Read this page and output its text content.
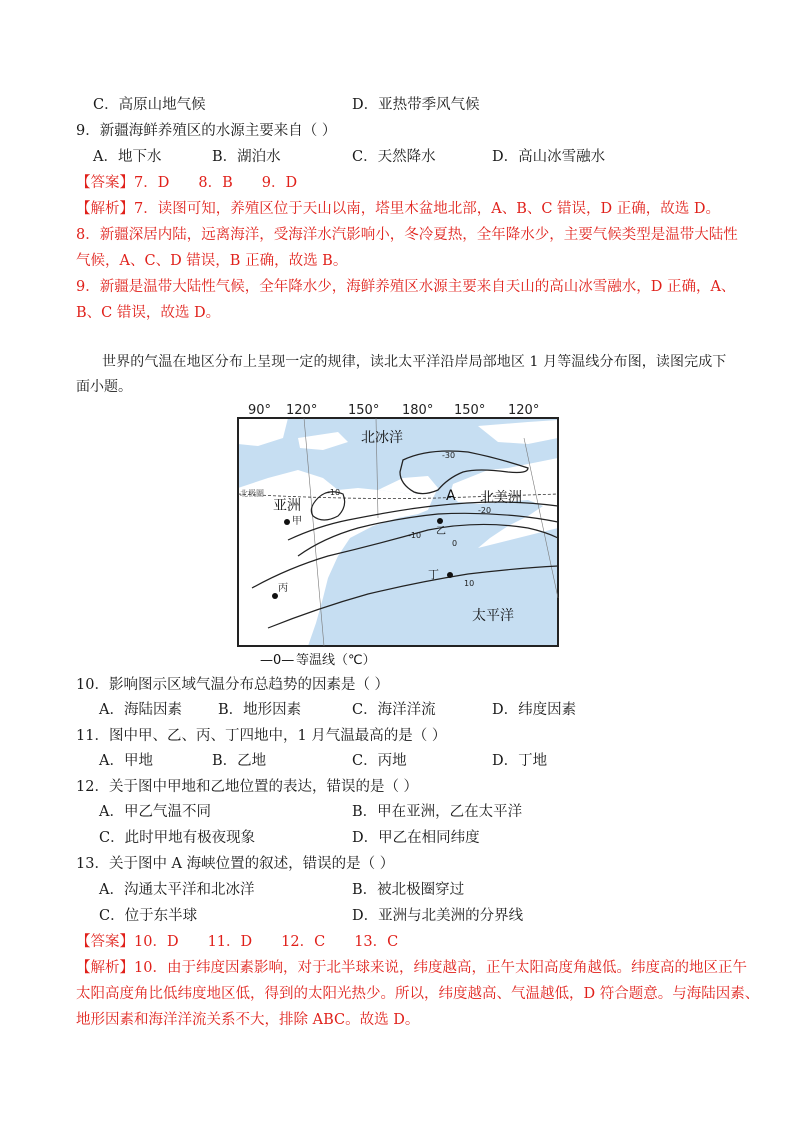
C．高原山地气候	D．亚热带季风气候
9．新疆海鲜养殖区的水源主要来自（ ）
A．地下水	B．湖泊水	C．天然降水	D．高山冰雪融水
【答案】7．D　　8．B　　9．D
【解析】7．读图可知，养殖区位于天山以南，塔里木盆地北部，A、B、C 错误，D 正确，故选 D。
8．新疆深居内陆，远离海洋，受海洋水汽影响小，冬冷夏热，全年降水少，主要气候类型是温带大陆性
气候，A、C、D 错误，B 正确，故选 B。
9．新疆是温带大陆性气候，全年降水少，海鲜养殖区水源主要来自天山的高山冰雪融水，D 正确，A、
B、C 错误，故选 D。
世界的气温在地区分布上呈现一定的规律，读北太平洋沿岸局部地区 1 月等温线分布图，读图完成下
面小题。
90° 120° 150° 180° 150° 120°
北极圈
-30
-10
-20
-10
0
10
北冰洋
亚洲	北美洲
太平洋
A
甲
乙
丙
丁
—0— 等温线（℃）
10．影响图示区域气温分布总趋势的因素是（ ）
A．海陆因素 B．地形因素	C．海洋洋流	D．纬度因素
11．图中甲、乙、丙、丁四地中，1 月气温最高的是（ ）
A．甲地	B．乙地	C．丙地	D．丁地
12．关于图中甲地和乙地位置的表达，错误的是（ ）
A．甲乙气温不同	B．甲在亚洲，乙在太平洋
C．此时甲地有极夜现象	D．甲乙在相同纬度
13．关于图中 A 海峡位置的叙述，错误的是（ ）
A．沟通太平洋和北冰洋	B．被北极圈穿过
C．位于东半球	D．亚洲与北美洲的分界线
【答案】10．D　　11．D　　12．C　　13．C
【解析】10．由于纬度因素影响，对于北半球来说，纬度越高，正午太阳高度角越低。纬度高的地区正午
太阳高度角比低纬度地区低，得到的太阳光热少。所以，纬度越高、气温越低，D 符合题意。与海陆因素、
地形因素和海洋洋流关系不大，排除 ABC。故选 D。
